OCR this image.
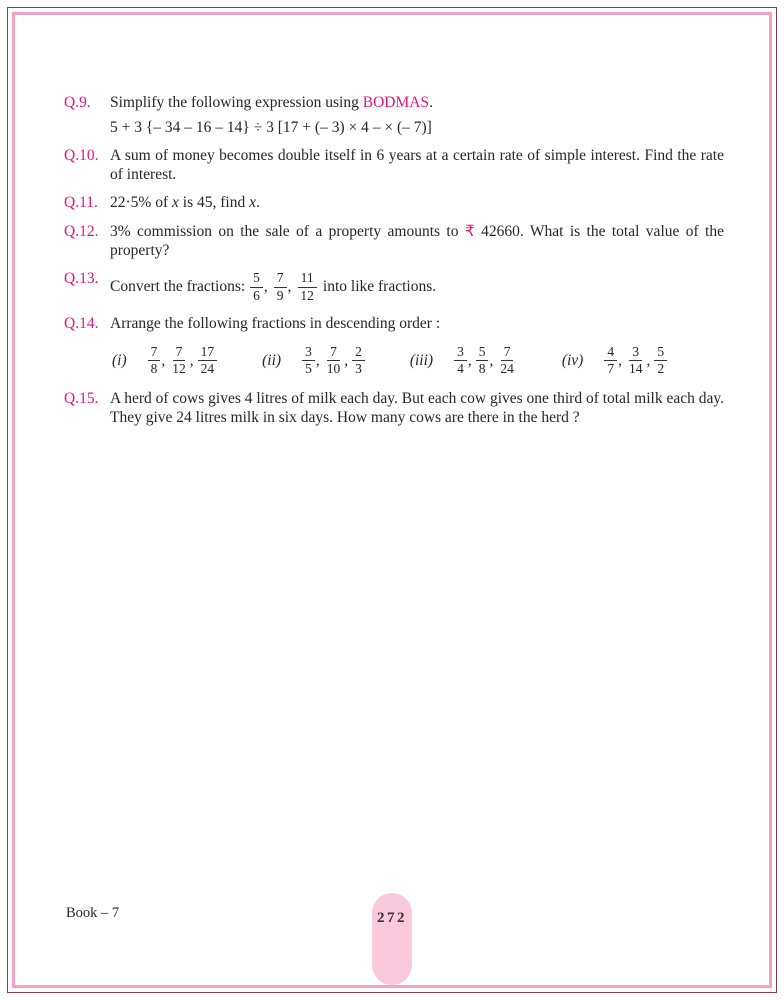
Q.9.	Simplify the following expression using BODMAS.
5 + 3 {– 34 – 16 – 14} ÷ 3 [17 + (– 3) × 4 – × (– 7)]
Q.10. A sum of money becomes double itself in 6 years at a certain rate of simple interest. Find the rate of interest.
Q.11. 22·5% of x is 45, find x.
Q.12. 3% commission on the sale of a property amounts to ₹ 42660. What is the total value of the property?
Q.13. Convert the fractions: $\frac{5}{6}$ , $\frac{7}{9}$ , $\frac{11}{12}$ into like fractions.
Q.14. Arrange the following fractions in descending order :
$(i) \frac{7}{8}$ , $\frac{7}{12}$ , $\frac{17}{24}$	$(ii) \frac{3}{5}$ , $\frac{7}{10}$ , $\frac{2}{3}$	$(iii) \frac{3}{4}$ , $\frac{5}{8}$ , $\frac{7}{24}$	$(iv) \frac{4}{7}$ , $\frac{3}{14}$ , $\frac{5}{2}$
Q.15. A herd of cows gives 4 litres of milk each day. But each cow gives one third of total milk each day. They give 24 litres milk in six days. How many cows are there in the herd ?
Book – 7	272
